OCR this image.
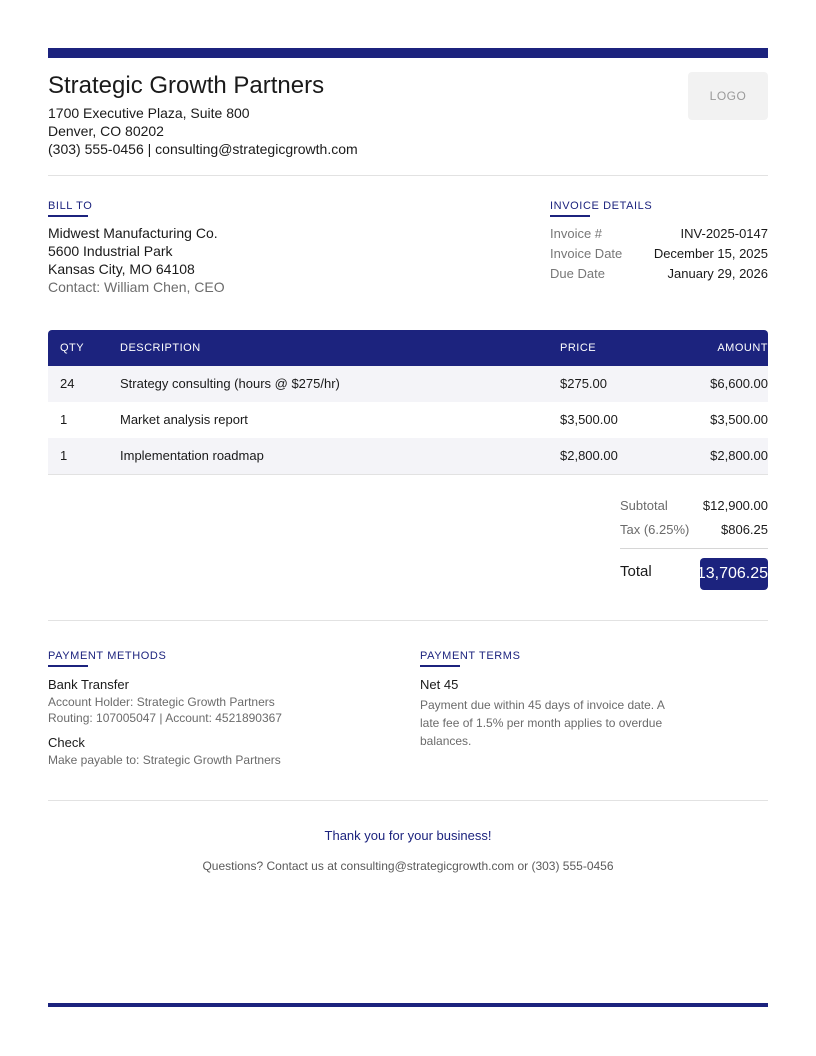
Strategic Growth Partners
1700 Executive Plaza, Suite 800
Denver, CO 80202
(303) 555-0456 | consulting@strategicgrowth.com
LOGO
BILL TO
Midwest Manufacturing Co.
5600 Industrial Park
Kansas City, MO 64108
Contact: William Chen, CEO
INVOICE DETAILS
Invoice #	INV-2025-0147
Invoice Date December 15, 2025
Due Date	January 29, 2026
QTY	DESCRIPTION	PRICE	AMOUNT
24	Strategy consulting (hours @ $275/hr)	$275.00	$6,600.00
1	Market analysis report	$3,500.00	$3,500.00
1	Implementation roadmap	$2,800.00	$2,800.00
Subtotal	$12,900.00
Tax (6.25%) $806.25
Total $13,706.25
PAYMENT METHODS
Bank Transfer
Account Holder: Strategic Growth Partners
Routing: 107005047 | Account: 4521890367
Check
Make payable to: Strategic Growth Partners
PAYMENT TERMS
Net 45
Payment due within 45 days of invoice date. A late fee of 1.5% per month applies to overdue balances.
Thank you for your business!
Questions? Contact us at consulting@strategicgrowth.com or (303) 555-0456
